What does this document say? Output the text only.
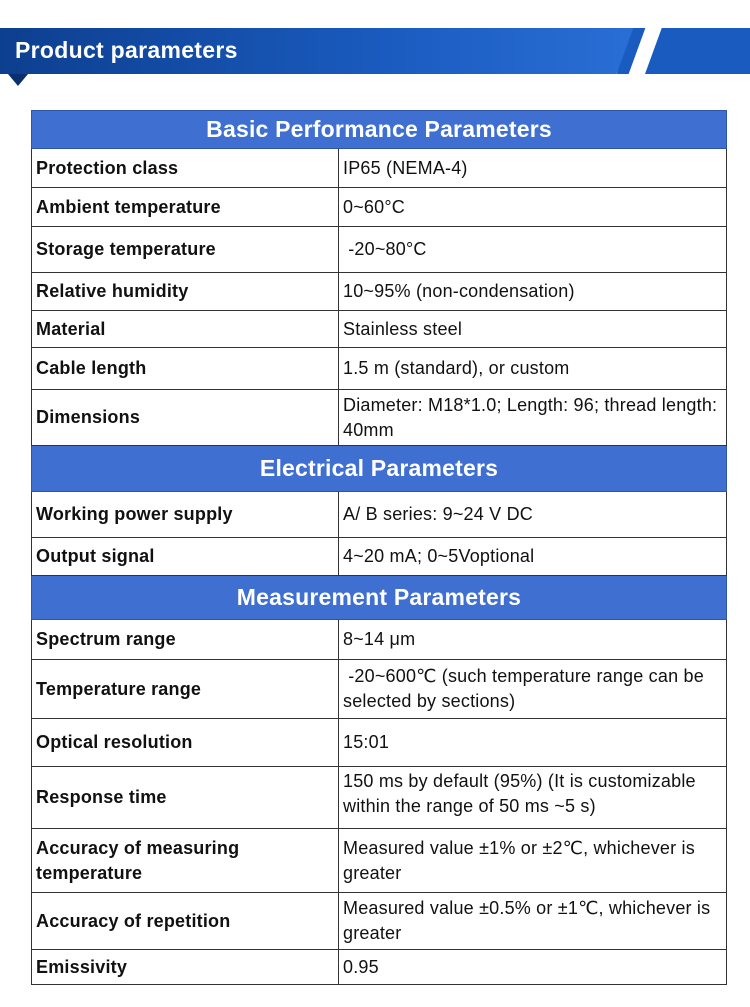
Product parameters
Basic Performance Parameters	
Protection class	IP65 (NEMA-4)
Ambient temperature	0~60°C
Storage temperature	-20~80°C
Relative humidity	10~95% (non-condensation)
Material	Stainless steel
Cable length	1.5 m (standard), or custom
Dimensions	Diameter: M18*1.0; Length: 96; thread length: 40mm
Electrical Parameters	
Working power supply	A/ B series: 9~24 V DC
Output signal	4~20 mA; 0~5Voptional
Measurement Parameters	
Spectrum range	8~14 μm
Temperature range	-20~600℃ (such temperature range can be selected by sections)
Optical resolution	15:01
Response time	150 ms by default (95%) (It is customizable within the range of 50 ms ~5 s)

Accuracy of measuring temperature	Measured value ±1% or ±2℃, whichever is greater
Accuracy of repetition	Measured value ±0.5% or ±1℃, whichever is greater
Emissivity	0.95
